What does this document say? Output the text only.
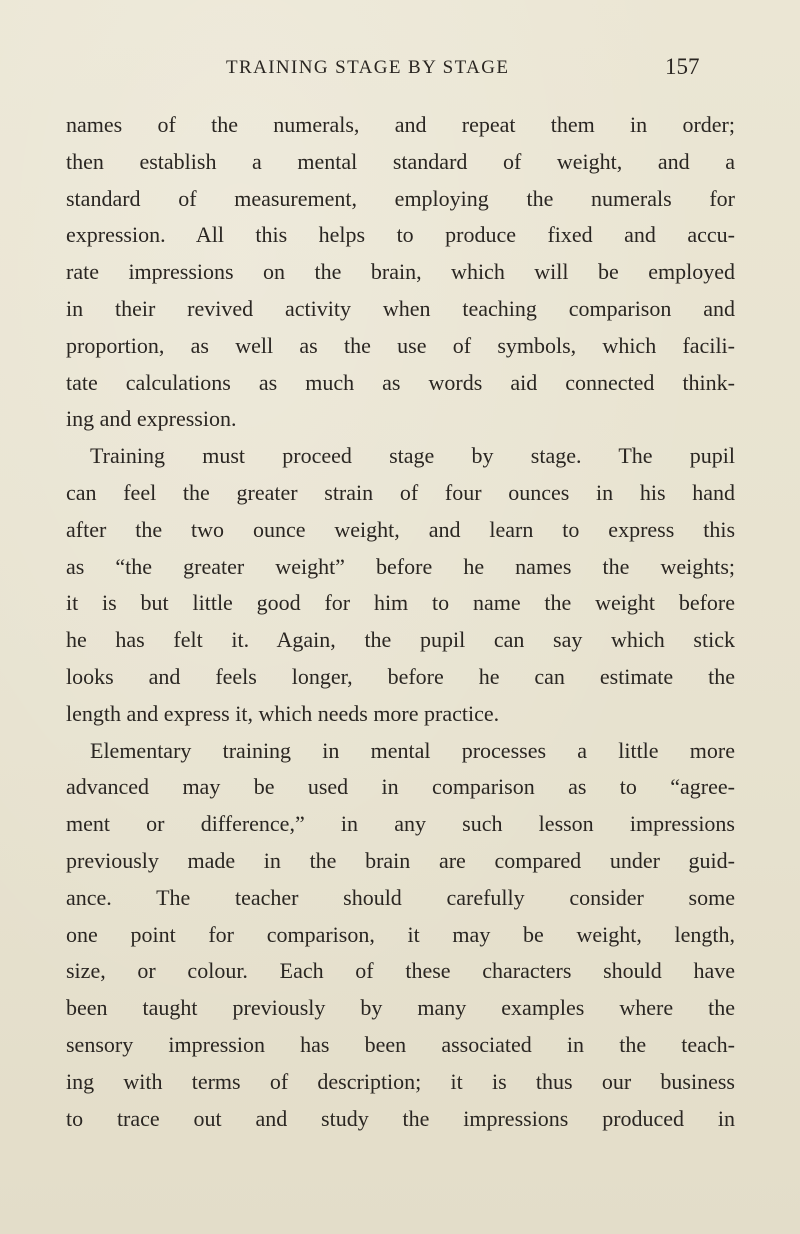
TRAINING STAGE BY STAGE	157
names of the numerals, and repeat them in order;
then establish a mental standard of weight, and a
standard of measurement, employing the numerals for
expression. All this helps to produce fixed and accu-
rate impressions on the brain, which will be employed
in their revived activity when teaching comparison and
proportion, as well as the use of symbols, which facili-
tate calculations as much as words aid connected think-
ing and expression.
Training must proceed stage by stage. The pupil
can feel the greater strain of four ounces in his hand
after the two ounce weight, and learn to express this
as “the greater weight” before he names the weights;
it is but little good for him to name the weight before
he has felt it. Again, the pupil can say which stick
looks and feels longer, before he can estimate the
length and express it, which needs more practice.
Elementary training in mental processes a little more
advanced may be used in comparison as to “agree-
ment or difference,” in any such lesson impressions
previously made in the brain are compared under guid-
ance. The teacher should carefully consider some
one point for comparison, it may be weight, length,
size, or colour. Each of these characters should have
been taught previously by many examples where the
sensory impression has been associated in the teach-
ing with terms of description; it is thus our business
to trace out and study the impressions produced in
